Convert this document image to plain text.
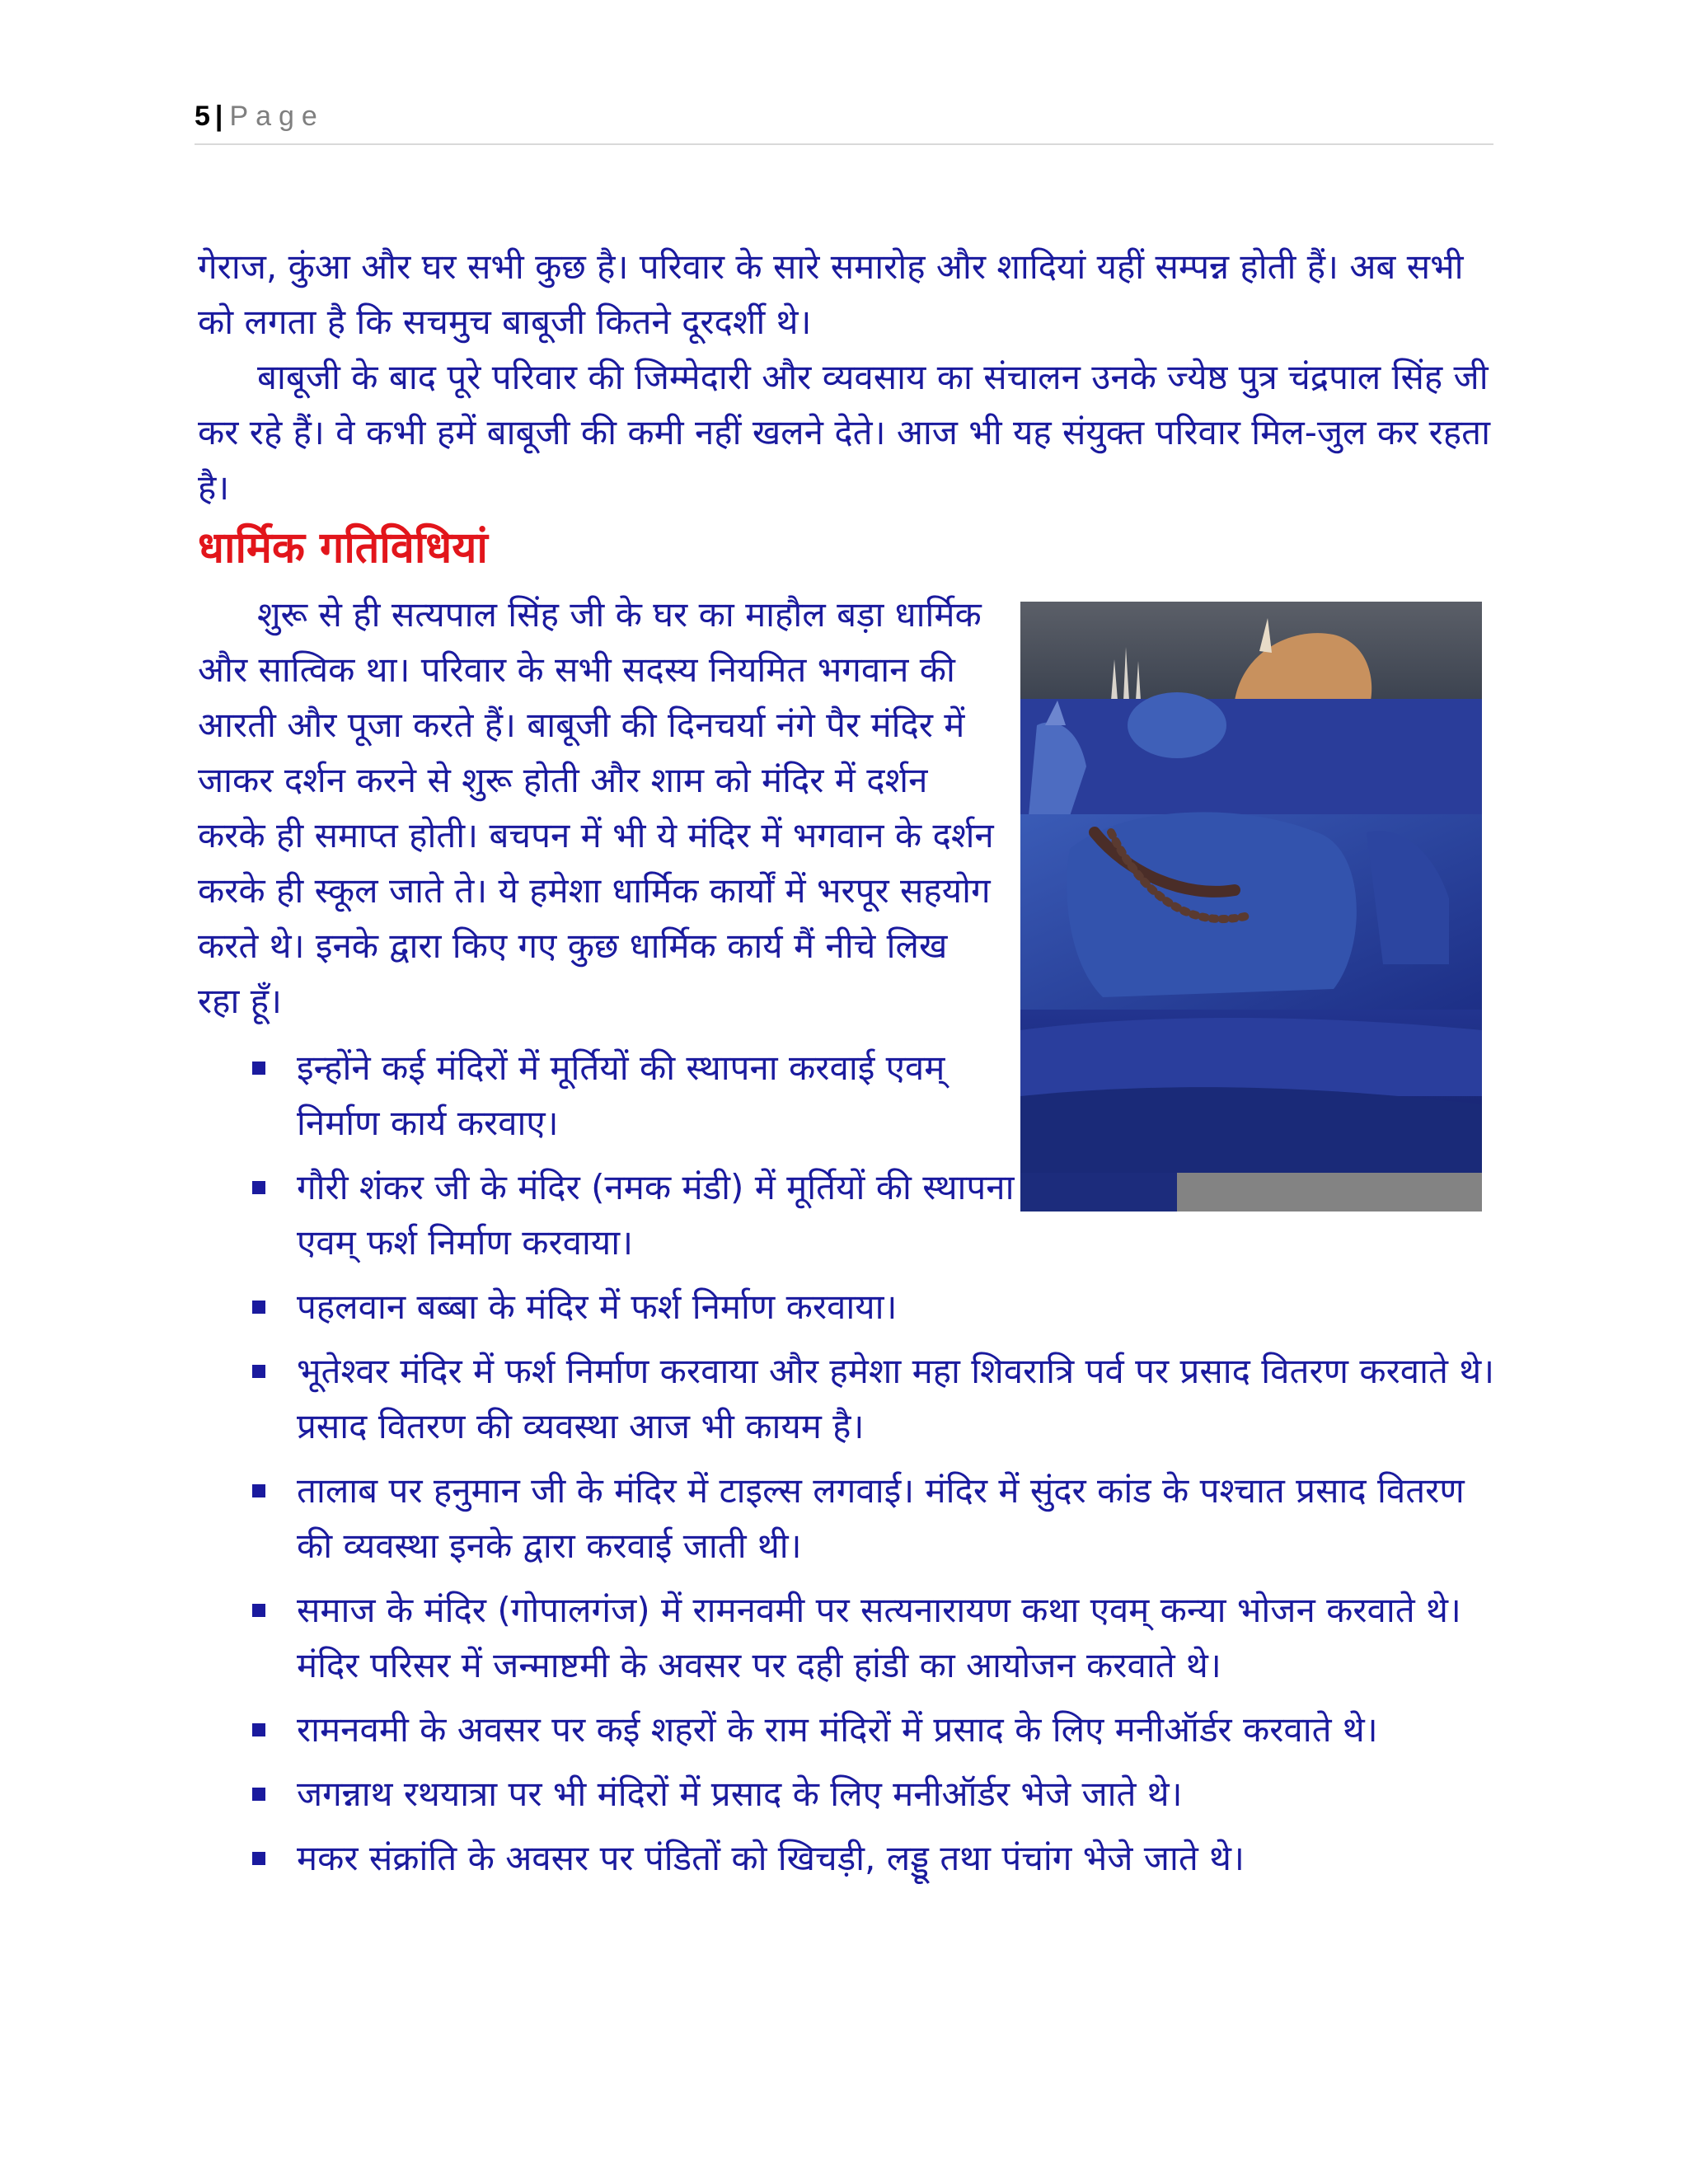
5 | Page
गेराज, कुंआ और घर सभी कुछ है। परिवार के सारे समारोह और शादियां यहीं सम्पन्न होती हैं। अब सभी को लगता है कि सचमुच बाबूजी कितने दूरदर्शी थे।
बाबूजी के बाद पूरे परिवार की जिम्मेदारी और व्यवसाय का संचालन उनके ज्येष्ठ पुत्र चंद्रपाल सिंह जी कर रहे हैं। वे कभी हमें बाबूजी की कमी नहीं खलने देते। आज भी यह संयुक्त परिवार मिल-जुल कर रहता है।
धार्मिक गतिविधियां
शुरू से ही सत्यपाल सिंह जी के घर का माहौल बड़ा धार्मिक और सात्विक था। परिवार के सभी सदस्य नियमित भगवान की आरती और पूजा करते हैं। बाबूजी की दिनचर्या नंगे पैर मंदिर में जाकर दर्शन करने से शुरू होती और शाम को मंदिर में दर्शन करके ही समाप्त होती। बचपन में भी ये मंदिर में भगवान के दर्शन करके ही स्कूल जाते ते। ये हमेशा धार्मिक कार्यों में भरपूर सहयोग करते थे। इनके द्वारा किए गए कुछ धार्मिक कार्य मैं नीचे लिख रहा हूँ।
इन्होंने कई मंदिरों में मूर्तियों की स्थापना करवाई एवम् निर्माण कार्य करवाए।
गौरी शंकर जी के मंदिर (नमक मंडी) में मूर्तियों की स्थापना एवम् फर्श निर्माण करवाया।
पहलवान बब्बा के मंदिर में फर्श निर्माण करवाया।
भूतेश्वर मंदिर में फर्श निर्माण करवाया और हमेशा महा शिवरात्रि पर्व पर प्रसाद वितरण करवाते थे। प्रसाद वितरण की व्यवस्था आज भी कायम है।
तालाब पर हनुमान जी के मंदिर में टाइल्स लगवाई। मंदिर में सुंदर कांड के पश्चात प्रसाद वितरण की व्यवस्था इनके द्वारा करवाई जाती थी।
समाज के मंदिर (गोपालगंज) में रामनवमी पर सत्यनारायण कथा एवम् कन्या भोजन करवाते थे। मंदिर परिसर में जन्माष्टमी के अवसर पर दही हांडी का आयोजन करवाते थे।
रामनवमी के अवसर पर कई शहरों के राम मंदिरों में प्रसाद के लिए मनीऑर्डर करवाते थे।
जगन्नाथ रथयात्रा पर भी मंदिरों में प्रसाद के लिए मनीऑर्डर भेजे जाते थे।
मकर संक्रांति के अवसर पर पंडितों को खिचड़ी, लड्डू तथा पंचांग भेजे जाते थे।
